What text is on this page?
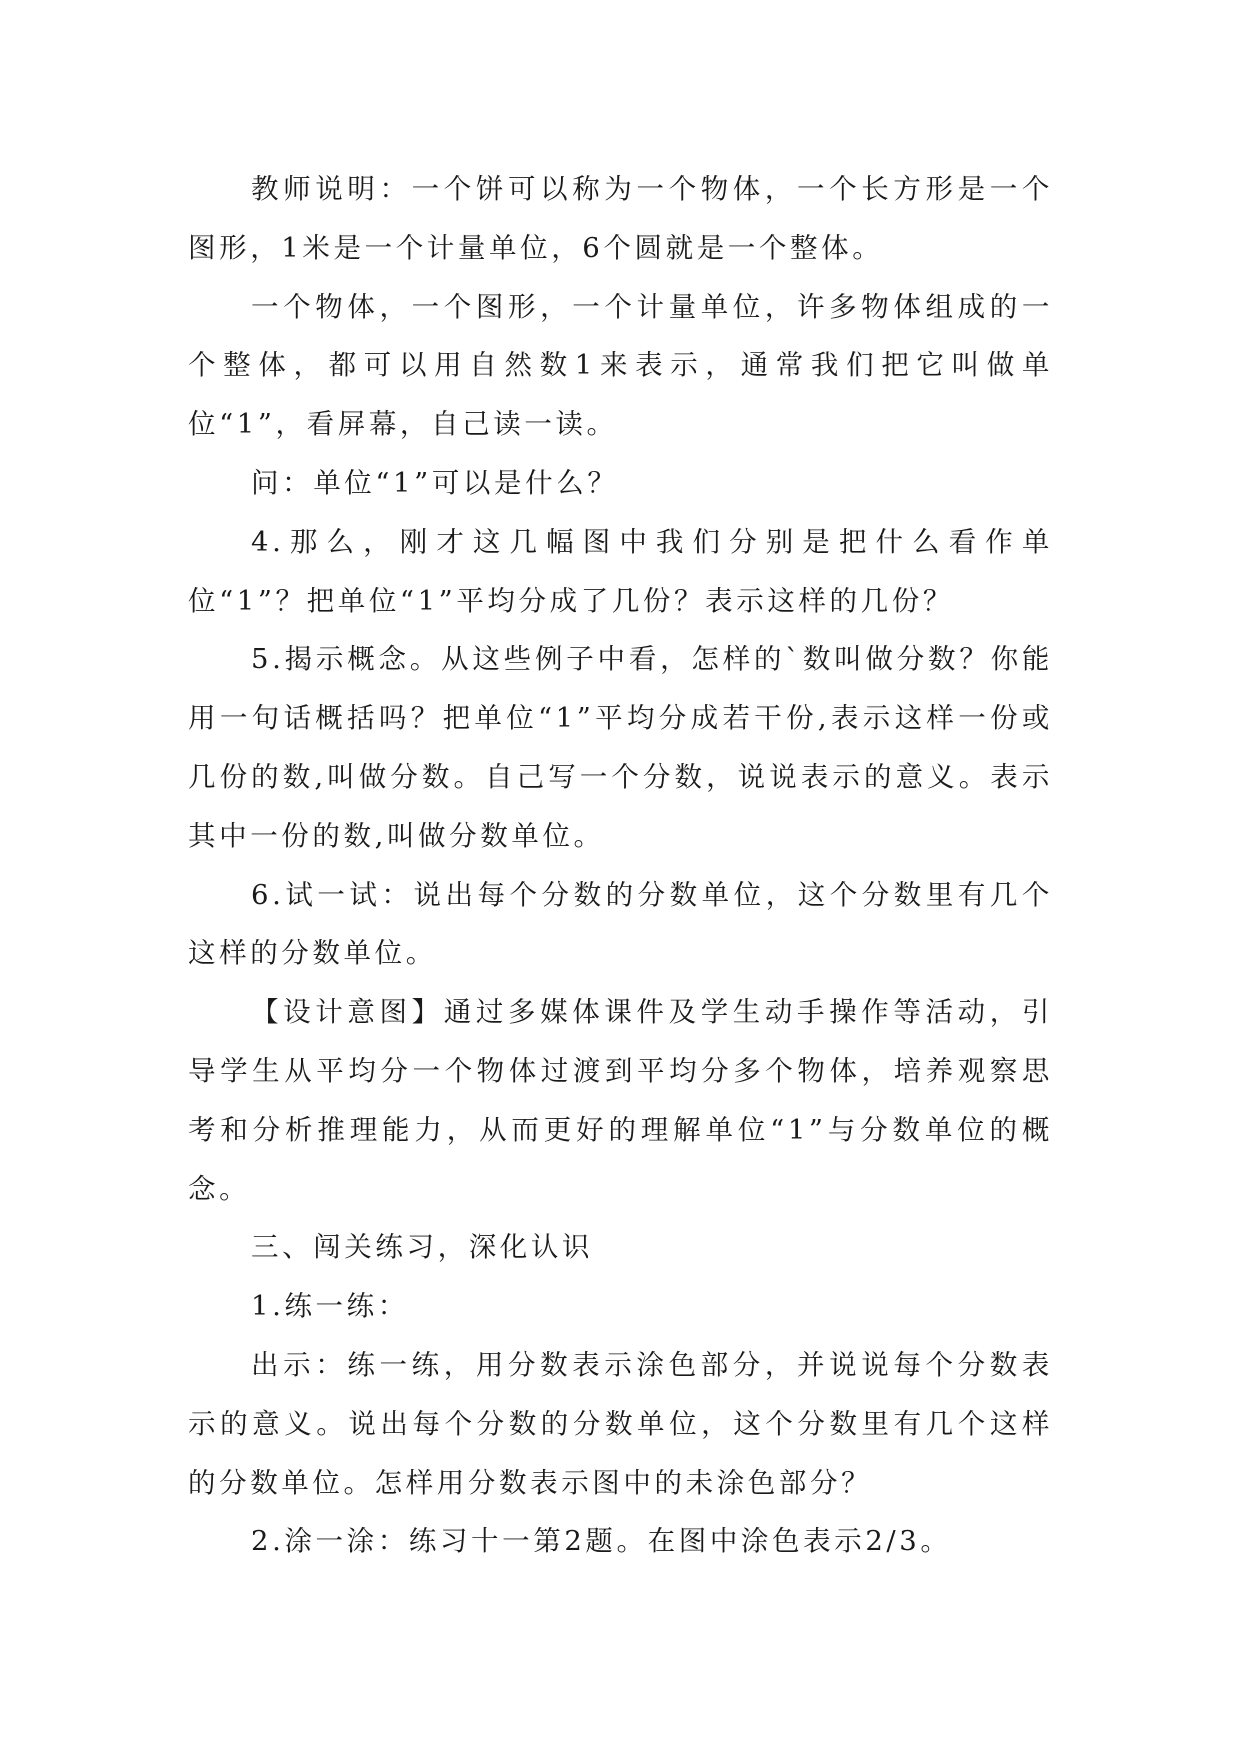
教师说明：一个饼可以称为一个物体，一个长方形是一个图形，1米是一个计量单位，6个圆就是一个整体。

一个物体，一个图形，一个计量单位，许多物体组成的一个整体，都可以用自然数1来表示，通常我们把它叫做单位“1”，看屏幕，自己读一读。

问：单位“1”可以是什么？

4.那么，刚才这几幅图中我们分别是把什么看作单位“1”？把单位“1”平均分成了几份？表示这样的几份？

5.揭示概念。从这些例子中看，怎样的`数叫做分数？你能用一句话概括吗？把单位“1”平均分成若干份,表示这样一份或几份的数,叫做分数。自己写一个分数，说说表示的意义。表示其中一份的数,叫做分数单位。

6.试一试：说出每个分数的分数单位，这个分数里有几个这样的分数单位。

【设计意图】通过多媒体课件及学生动手操作等活动，引导学生从平均分一个物体过渡到平均分多个物体，培养观察思考和分析推理能力，从而更好的理解单位“1”与分数单位的概念。

三、闯关练习，深化认识

1.练一练：

出示：练一练，用分数表示涂色部分，并说说每个分数表示的意义。说出每个分数的分数单位，这个分数里有几个这样的分数单位。怎样用分数表示图中的未涂色部分？

2.涂一涂：练习十一第2题。在图中涂色表示2/3。
